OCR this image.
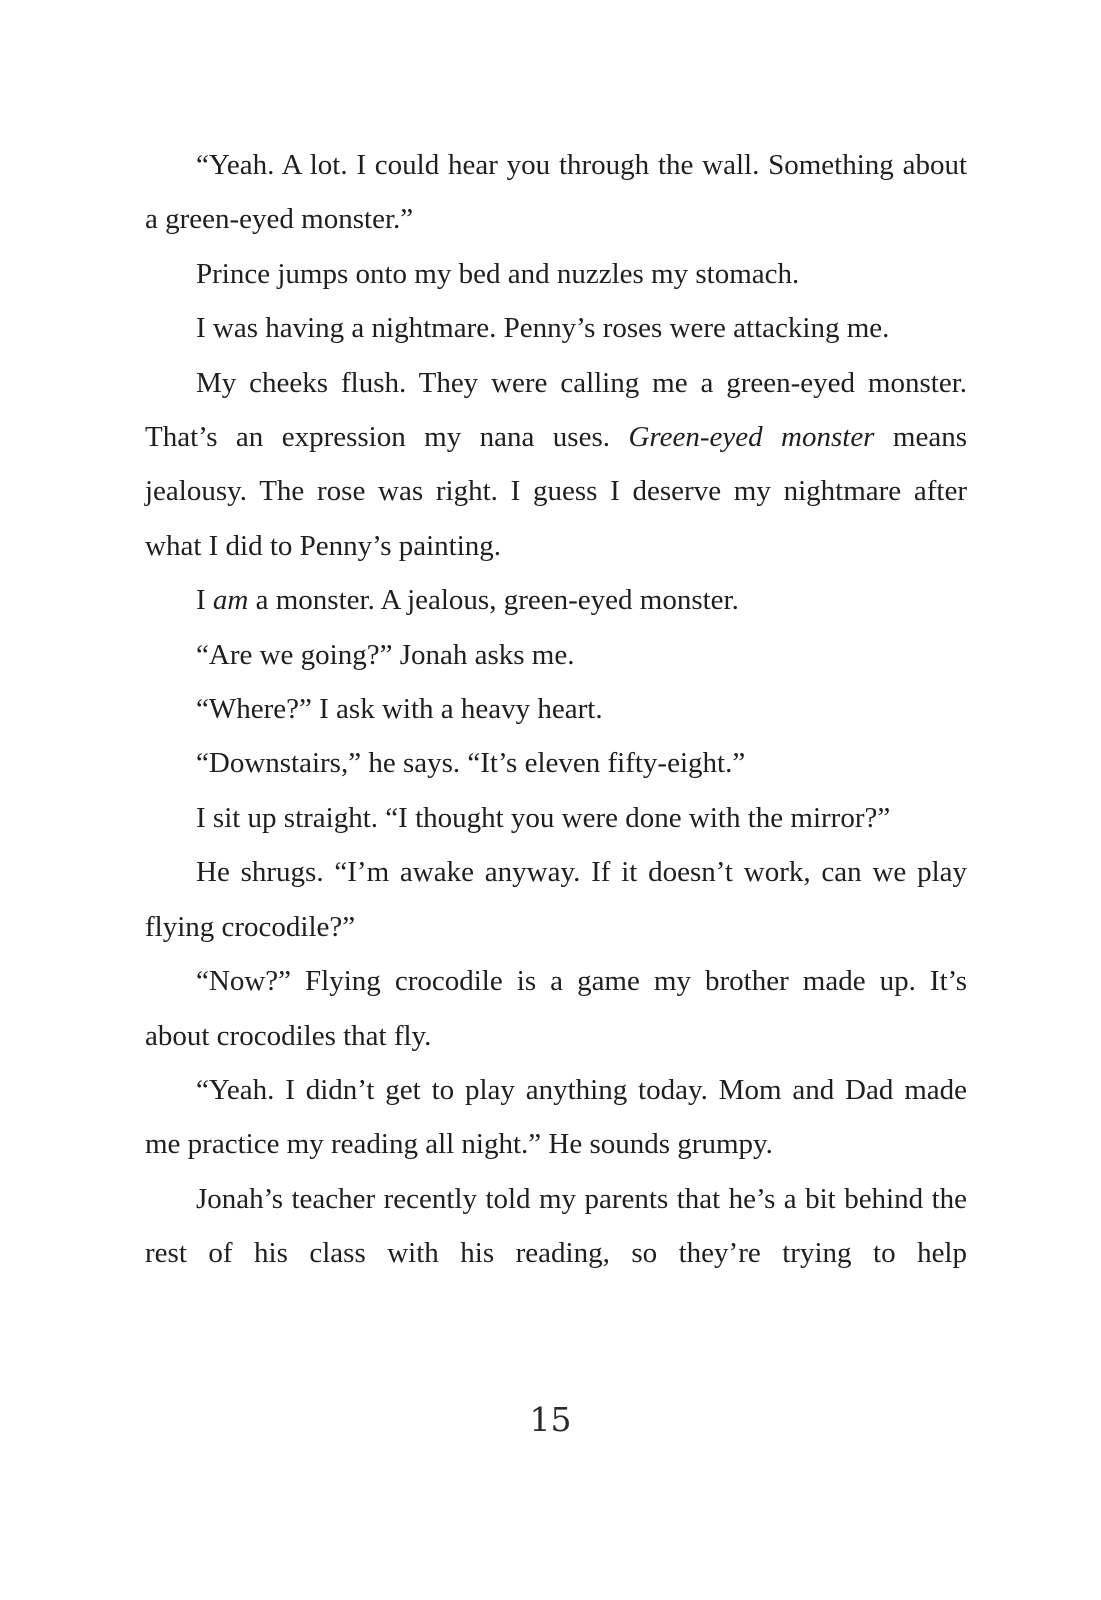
“Yeah. A lot. I could hear you through the wall. Something about a green-eyed monster.”

Prince jumps onto my bed and nuzzles my stomach.

I was having a nightmare. Penny’s roses were attacking me.

My cheeks flush. They were calling me a green-eyed monster. That’s an expression my nana uses. Green-eyed monster means jealousy. The rose was right. I guess I deserve my nightmare after what I did to Penny’s painting.

I am a monster. A jealous, green-eyed monster.

“Are we going?” Jonah asks me.

“Where?” I ask with a heavy heart.

“Downstairs,” he says. “It’s eleven fifty-eight.”

I sit up straight. “I thought you were done with the mirror?”

He shrugs. “I’m awake anyway. If it doesn’t work, can we play flying crocodile?”

“Now?” Flying crocodile is a game my brother made up. It’s about crocodiles that fly.

“Yeah. I didn’t get to play anything today. Mom and Dad made me practice my reading all night.” He sounds grumpy.

Jonah’s teacher recently told my parents that he’s a bit behind the rest of his class with his reading, so they’re trying to help

15
